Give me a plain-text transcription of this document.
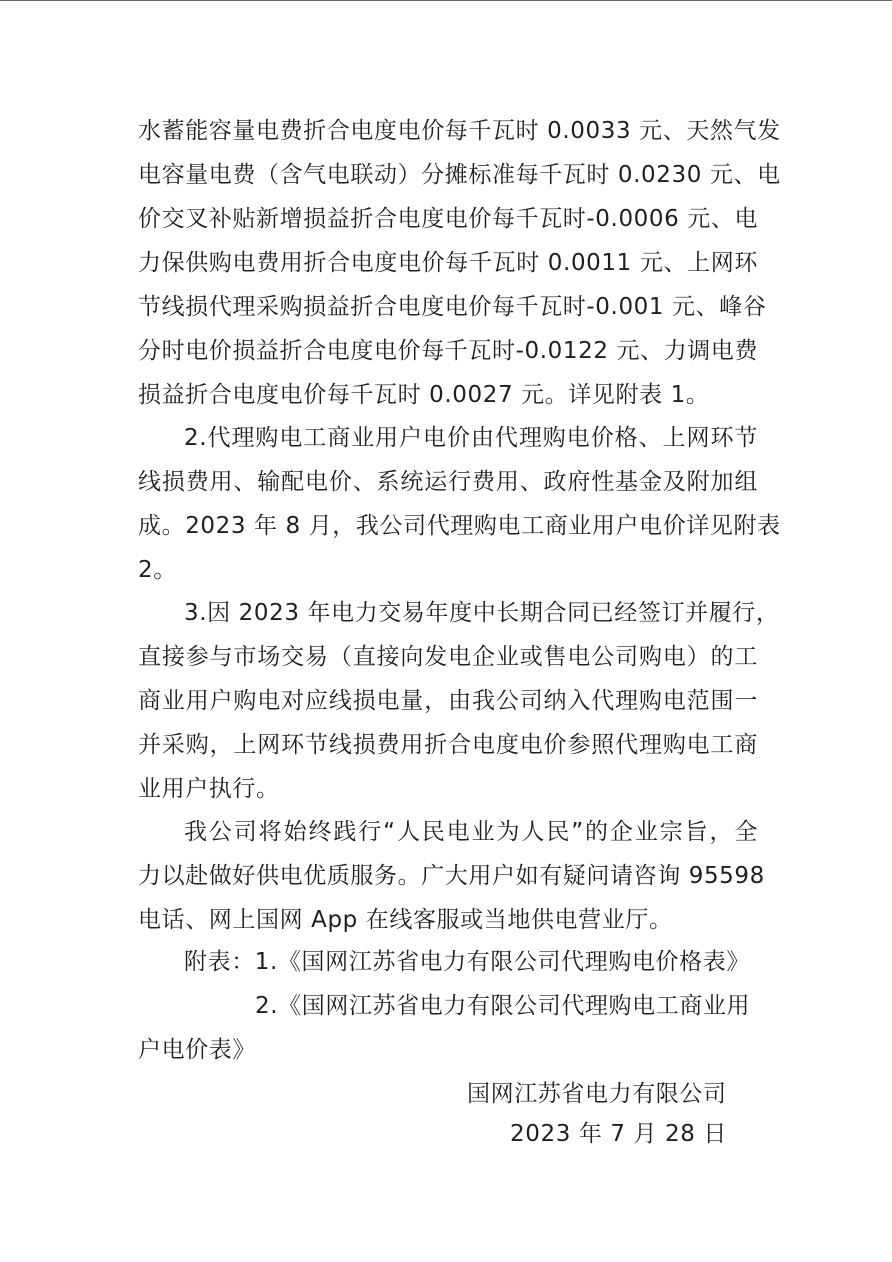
水蓄能容量电费折合电度电价每千瓦时 0.0033 元、天然气发
电容量电费（含气电联动）分摊标准每千瓦时 0.0230 元、电
价交叉补贴新增损益折合电度电价每千瓦时-0.0006 元、电
力保供购电费用折合电度电价每千瓦时 0.0011 元、上网环
节线损代理采购损益折合电度电价每千瓦时-0.001 元、峰谷
分时电价损益折合电度电价每千瓦时-0.0122 元、力调电费
损益折合电度电价每千瓦时 0.0027 元。详见附表 1。
2.代理购电工商业用户电价由代理购电价格、上网环节
线损费用、输配电价、系统运行费用、政府性基金及附加组
成。2023 年 8 月，我公司代理购电工商业用户电价详见附表
2。
3.因 2023 年电力交易年度中长期合同已经签订并履行，
直接参与市场交易（直接向发电企业或售电公司购电）的工
商业用户购电对应线损电量，由我公司纳入代理购电范围一
并采购，上网环节线损费用折合电度电价参照代理购电工商
业用户执行。
我公司将始终践行“人民电业为人民”的企业宗旨，全
力以赴做好供电优质服务。广大用户如有疑问请咨询 95598
电话、网上国网 App 在线客服或当地供电营业厅。
附表：1.《国网江苏省电力有限公司代理购电价格表》
2.《国网江苏省电力有限公司代理购电工商业用
户电价表》
国网江苏省电力有限公司
2023 年 7 月 28 日
